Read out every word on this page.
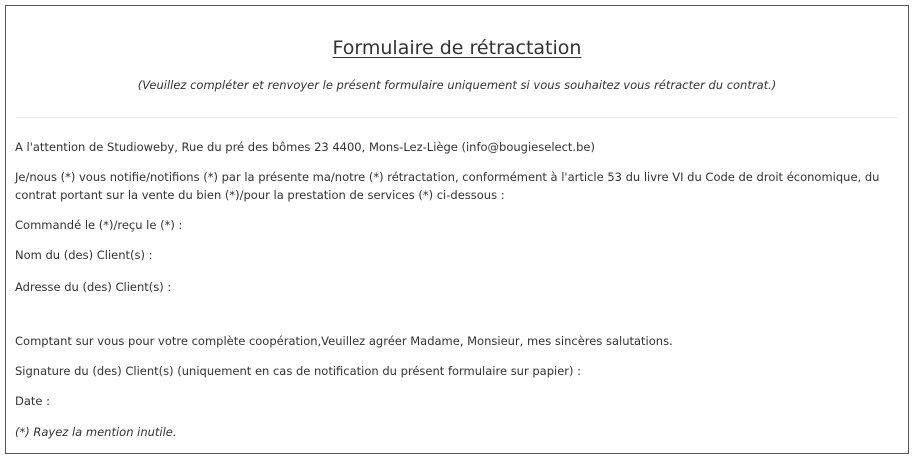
Formulaire de rétractation
(Veuillez compléter et renvoyer le présent formulaire uniquement si vous souhaitez vous rétracter du contrat.)
A l'attention de Studioweby, Rue du pré des bômes 23 4400, Mons-Lez-Liège (info@bougieselect.be)
Je/nous (*) vous notifie/notifions (*) par la présente ma/notre (*) rétractation, conformément à l'article 53 du livre VI du Code de droit économique, du contrat portant sur la vente du bien (*)/pour la prestation de services (*) ci-dessous :
Commandé le (*)/reçu le (*) :
Nom du (des) Client(s) :
Adresse du (des) Client(s) :
Comptant sur vous pour votre complète coopération,Veuillez agréer Madame, Monsieur, mes sincères salutations.
Signature du (des) Client(s) (uniquement en cas de notification du présent formulaire sur papier) :
Date :
(*) Rayez la mention inutile.
